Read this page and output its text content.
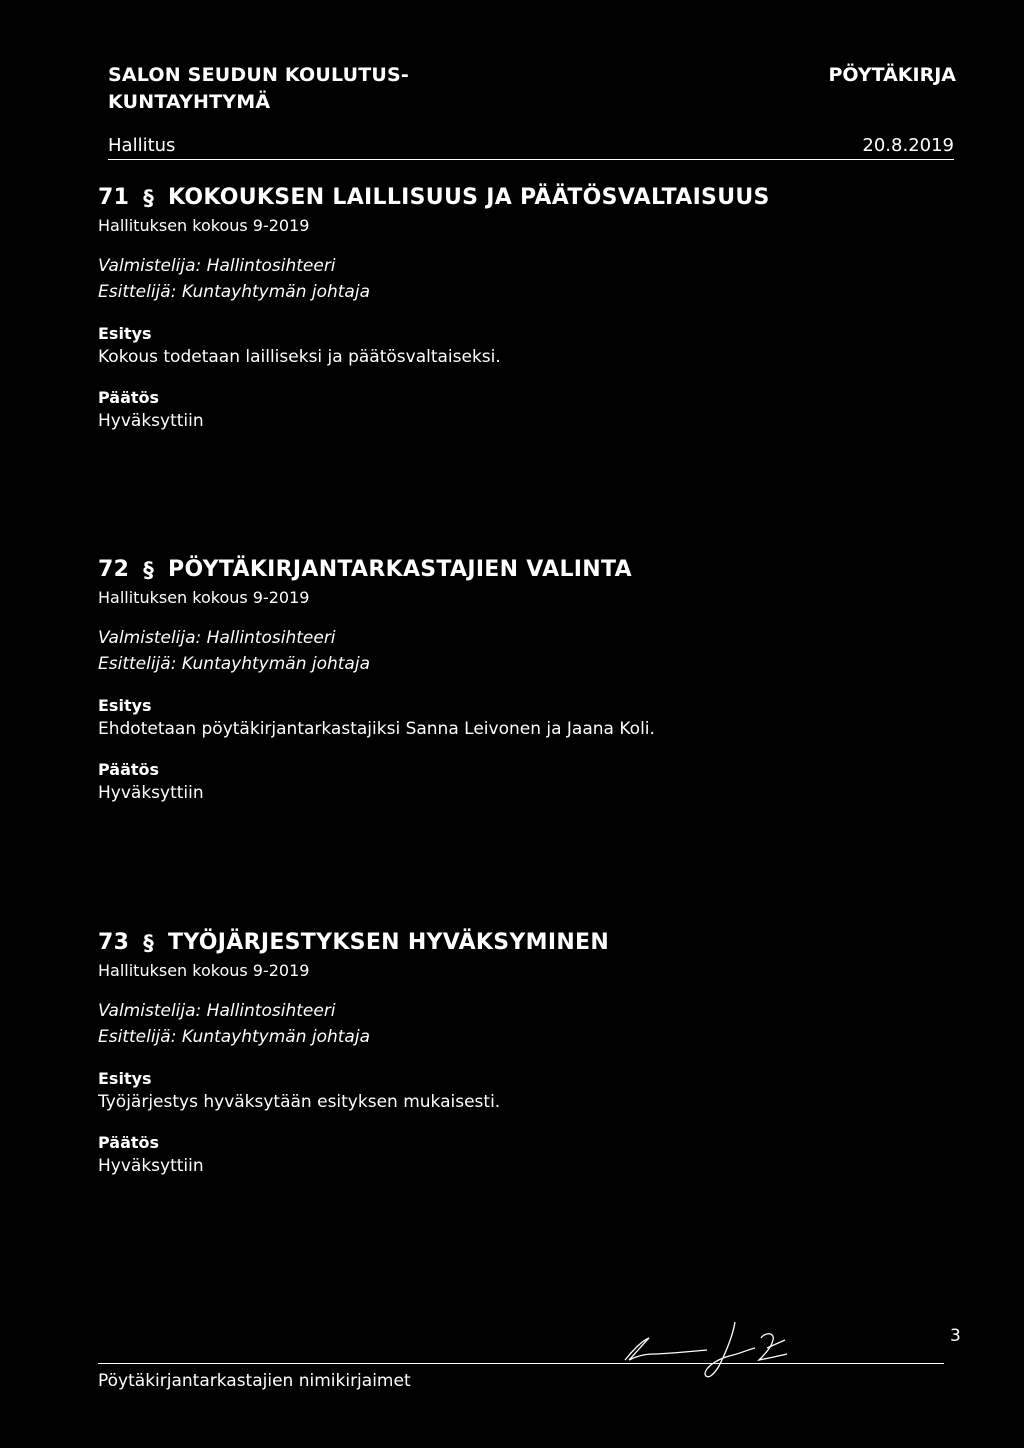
SALON SEUDUN KOULUTUS-
KUNTAYHTYMÄ
PÖYTÄKIRJA
Hallitus	20.8.2019
71 § KOKOUKSEN LAILLISUUS JA PÄÄTÖSVALTAISUUS
Hallituksen kokous 9-2019
Valmistelija: Hallintosihteeri
Esittelijä: Kuntayhtymän johtaja
Esitys
Kokous todetaan lailliseksi ja päätösvaltaiseksi.
Päätös
Hyväksyttiin
72 § PÖYTÄKIRJANTARKASTAJIEN VALINTA
Hallituksen kokous 9-2019
Valmistelija: Hallintosihteeri
Esittelijä: Kuntayhtymän johtaja
Esitys
Ehdotetaan pöytäkirjantarkastajiksi Sanna Leivonen ja Jaana Koli.
Päätös
Hyväksyttiin
73 § TYÖJÄRJESTYKSEN HYVÄKSYMINEN
Hallituksen kokous 9-2019
Valmistelija: Hallintosihteeri
Esittelijä: Kuntayhtymän johtaja
Esitys
Työjärjestys hyväksytään esityksen mukaisesti.
Päätös
Hyväksyttiin
3
Pöytäkirjantarkastajien nimikirjaimet
